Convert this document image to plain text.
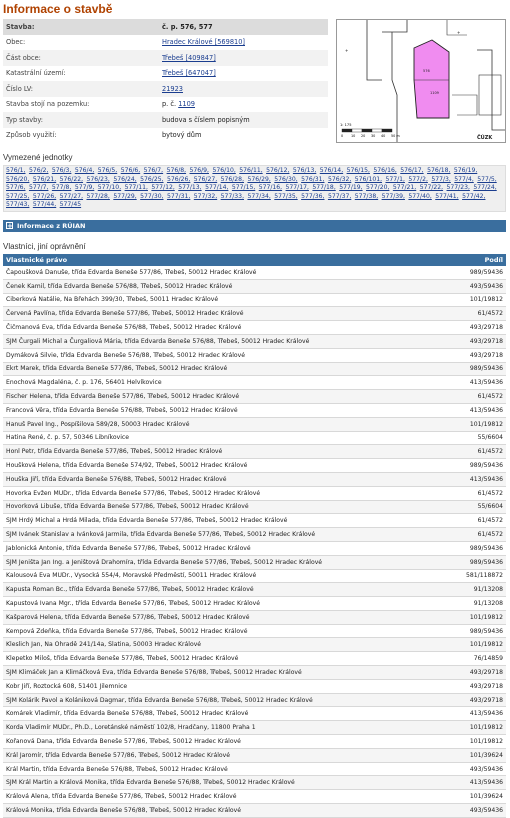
Informace o stavbě
Stavba:	č. p. 576, 577
Obec:	Hradec Králové [569810]
Část obce:	Třebeš [409847]
Katastrální území:	Třebeš [647047]
Číslo LV:	21923
Stavba stojí na pozemku:	p. č. 1109
Typ stavby:	budova s číslem popisným
Způsob využití:	bytový dům
1109
576
+
+
1: 175
0 10 20 30 40 50 m	ČÚZK
Vymezené jednotky
576/1, 576/2, 576/3, 576/4, 576/5, 576/6, 576/7, 576/8, 576/9, 576/10, 576/11, 576/12, 576/13, 576/14, 576/15, 576/16, 576/17, 576/18, 576/19, 576/20, 576/21, 576/22, 576/23, 576/24, 576/25, 576/26, 576/27, 576/28, 576/29, 576/30, 576/31, 576/32, 576/101, 577/1, 577/2, 577/3, 577/4, 577/5, 577/6, 577/7, 577/8, 577/9, 577/10, 577/11, 577/12, 577/13, 577/14, 577/15, 577/16, 577/17, 577/18, 577/19, 577/20, 577/21, 577/22, 577/23, 577/24, 577/25, 577/26, 577/27, 577/28, 577/29, 577/30, 577/31, 577/32, 577/33, 577/34, 577/35, 577/36, 577/37, 577/38, 577/39, 577/40, 577/41, 577/42, 577/43, 577/44, 577/45
+ Informace z RÚIAN
Vlastníci, jiní oprávnění
Vlastnické právo	Podíl
Čapoušková Danuše, třída Edvarda Beneše 577/86, Třebeš, 50012 Hradec Králové	989/59436
Čenek Kamil, třída Edvarda Beneše 576/88, Třebeš, 50012 Hradec Králové	493/59436
Ciberková Natálie, Na Břehách 399/30, Třebeš, 50011 Hradec Králové	101/19812
Červená Pavlína, třída Edvarda Beneše 577/86, Třebeš, 50012 Hradec Králové	61/4572
Čičmanová Eva, třída Edvarda Beneše 576/88, Třebeš, 50012 Hradec Králové	493/29718
SJM Čurgali Michal a Čurgaliová Mária, třída Edvarda Beneše 576/88, Třebeš, 50012 Hradec Králové	493/29718
Dymáková Silvie, třída Edvarda Beneše 576/88, Třebeš, 50012 Hradec Králové	493/29718
Ekrt Marek, třída Edvarda Beneše 577/86, Třebeš, 50012 Hradec Králové	989/59436
Enochová Magdaléna, č. p. 176, 56401 Helvíkovice	413/59436
Fischer Helena, třída Edvarda Beneše 577/86, Třebeš, 50012 Hradec Králové	61/4572
Francová Věra, třída Edvarda Beneše 576/88, Třebeš, 50012 Hradec Králové	413/59436
Hanuš Pavel Ing., Pospíšilova 589/28, 50003 Hradec Králové	101/19812
Hatina René, č. p. 57, 50346 Libníkovice	55/6604
Honl Petr, třída Edvarda Beneše 577/86, Třebeš, 50012 Hradec Králové	61/4572
Houšková Helena, třída Edvarda Beneše 574/92, Třebeš, 50012 Hradec Králové	989/59436
Houška Jiří, třída Edvarda Beneše 576/88, Třebeš, 50012 Hradec Králové	413/59436
Hovorka Evžen MUDr., třída Edvarda Beneše 577/86, Třebeš, 50012 Hradec Králové	61/4572
Hovorková Libuše, třída Edvarda Beneše 577/86, Třebeš, 50012 Hradec Králové	55/6604
SJM Hrdý Michal a Hrdá Milada, třída Edvarda Beneše 577/86, Třebeš, 50012 Hradec Králové	61/4572
SJM Ivánek Stanislav a Ivánková Jarmila, třída Edvarda Beneše 577/86, Třebeš, 50012 Hradec Králové	61/4572
Jablonická Antonie, třída Edvarda Beneše 577/86, Třebeš, 50012 Hradec Králové	989/59436
SJM Jeništa Jan Ing. a Jeništová Drahomíra, třída Edvarda Beneše 577/86, Třebeš, 50012 Hradec Králové	989/59436
Kalousová Eva MUDr., Vysocká 554/4, Moravské Předměstí, 50011 Hradec Králové	581/118872
Kapusta Roman Bc., třída Edvarda Beneše 577/86, Třebeš, 50012 Hradec Králové	91/13208
Kapustová Ivana Mgr., třída Edvarda Beneše 577/86, Třebeš, 50012 Hradec Králové	91/13208
Kašparová Helena, třída Edvarda Beneše 577/86, Třebeš, 50012 Hradec Králové	101/19812
Kempová Zdeňka, třída Edvarda Beneše 577/86, Třebeš, 50012 Hradec Králové	989/59436
Kleslich Jan, Na Ohradě 241/14a, Slatina, 50003 Hradec Králové	101/19812
Klepetko Miloš, třída Edvarda Beneše 577/86, Třebeš, 50012 Hradec Králové	76/14859
SJM Klimáček Jan a Klimáčková Eva, třída Edvarda Beneše 576/88, Třebeš, 50012 Hradec Králové	493/29718
Kobr Jiří, Roztocká 608, 51401 Jilemnice	493/29718
SJM Kolárik Pavol a Kolániková Dagmar, třída Edvarda Beneše 576/88, Třebeš, 50012 Hradec Králové	493/29718
Komárek Vladimír, třída Edvarda Beneše 576/88, Třebeš, 50012 Hradec Králové	413/59436
Korda Vladimír MUDr., Ph.D., Loretánské náměstí 102/8, Hradčany, 11800 Praha 1	101/19812
Kořanová Dana, třída Edvarda Beneše 577/86, Třebeš, 50012 Hradec Králové	101/19812
Král Jaromír, třída Edvarda Beneše 577/86, Třebeš, 50012 Hradec Králové	101/39624
Král Martin, třída Edvarda Beneše 576/88, Třebeš, 50012 Hradec Králové	493/59436
SJM Král Martin a Králová Monika, třída Edvarda Beneše 576/88, Třebeš, 50012 Hradec Králové	413/59436
Králová Alena, třída Edvarda Beneše 577/86, Třebeš, 50012 Hradec Králové	101/39624
Králová Monika, třída Edvarda Beneše 576/88, Třebeš, 50012 Hradec Králové	493/59436
